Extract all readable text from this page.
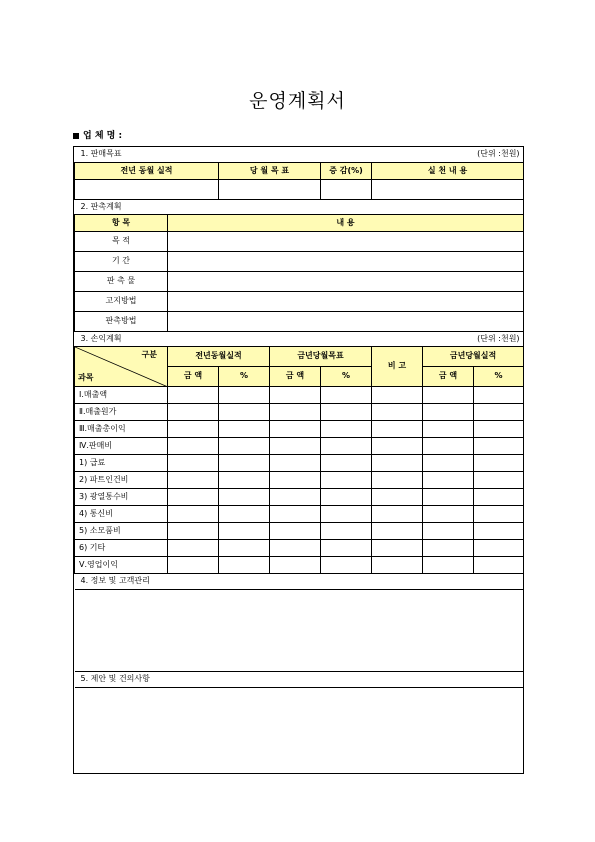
운영계획서
업 체 명 :
1. 판매목표				(단위 :천원)			
전년 동월 실적		당 월 목 표		증 감(%)	실 천 내 용		

2. 판촉계획							
항 목	내 용						
목 적							
기 간							
판 촉 물							
고지방법							
판촉방법							
3. 손익계획				(단위 :천원)			

구분
과목	전년동월실적		금년당월목표		비 고	금년당월실적	
	금 액	%	금 액	%		금 액	%
Ⅰ.매출액							
Ⅱ.매출원가							
Ⅲ.매출총이익							
Ⅳ.판매비							
1) 급료							
2) 파트인건비							
3) 광열통수비							
4) 통신비							
5) 소모품비							
6) 기타							
Ⅴ.영업이익							
4. 정보 및 고객관리							

5. 제안 및 건의사항							
